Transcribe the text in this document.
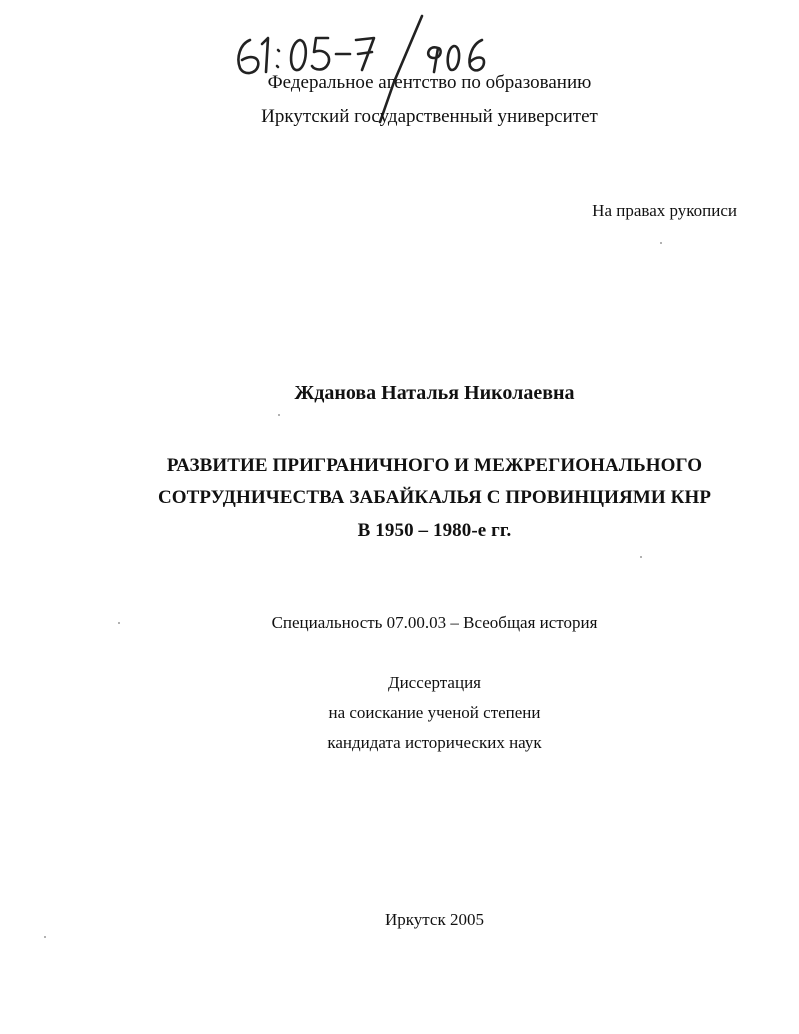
Федеральное агентство по образованию
Иркутский государственный университет
На правах рукописи
Жданова Наталья Николаевна
РАЗВИТИЕ ПРИГРАНИЧНОГО И МЕЖРЕГИОНАЛЬНОГО
СОТРУДНИЧЕСТВА ЗАБАЙКАЛЬЯ С ПРОВИНЦИЯМИ КНР
В 1950 – 1980-е гг.
Специальность 07.00.03 – Всеобщая история
Диссертация
на соискание ученой степени
кандидата исторических наук
Иркутск 2005
